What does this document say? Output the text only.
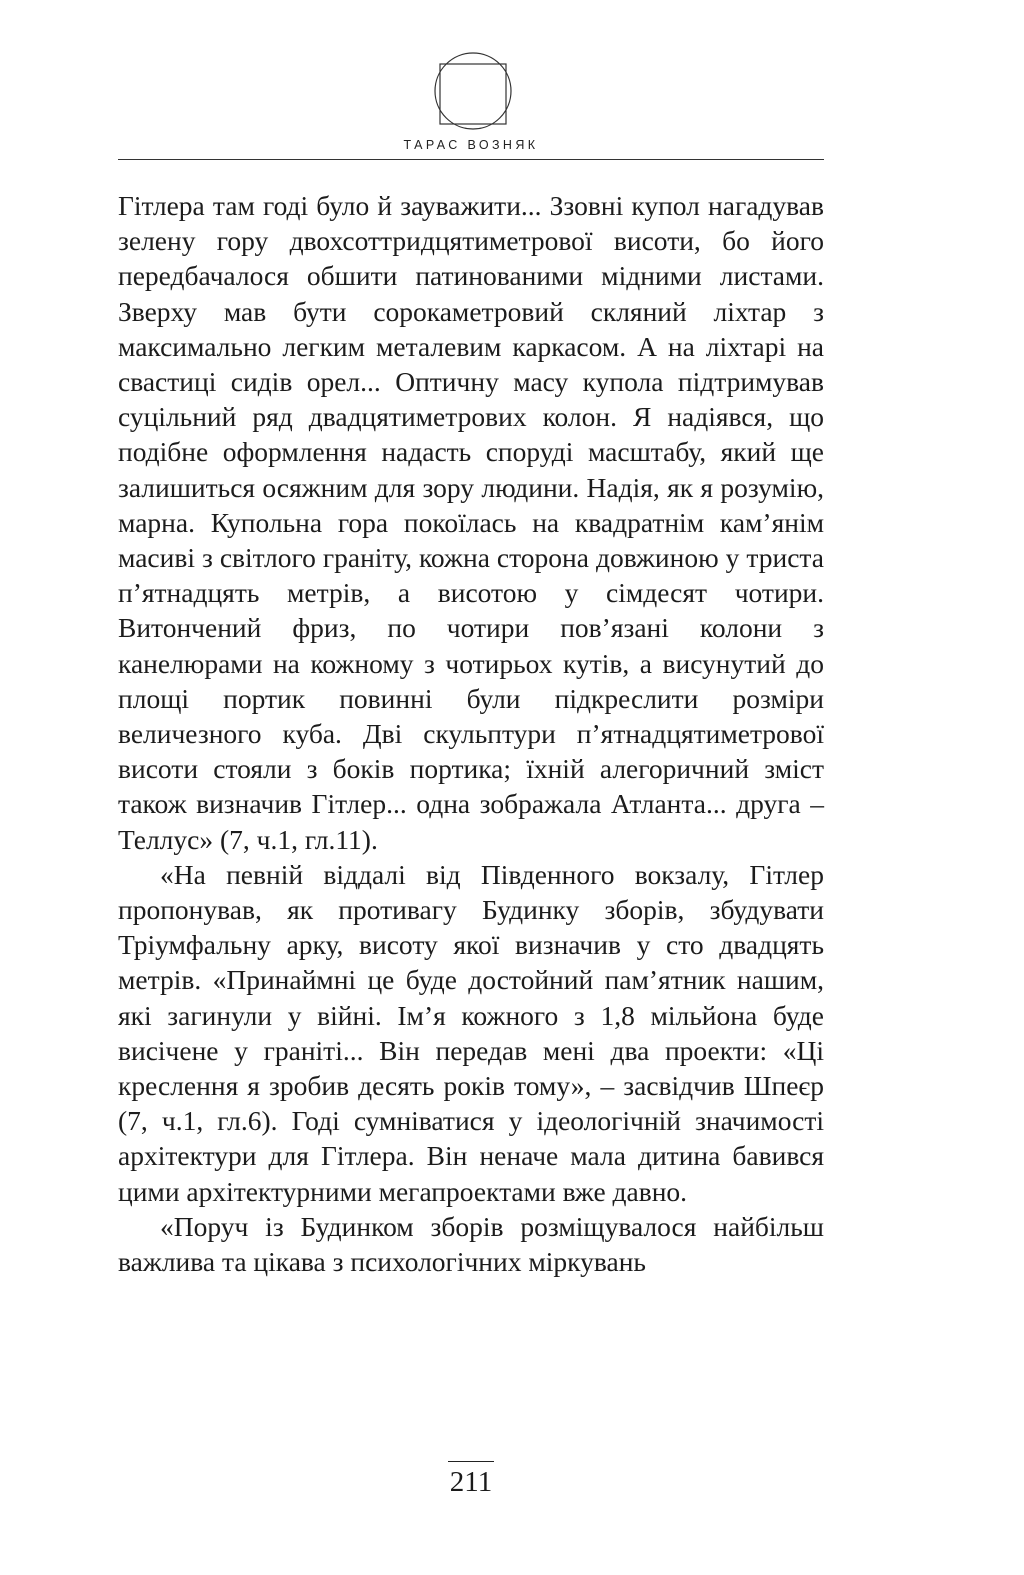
ТАРАС ВОЗНЯК

Гітлера там годі було й зауважити... Ззовні купол нагадував зелену гору двохсоттридцятиметрової висоти, бо його передбачалося обшити патинованими мідними листами. Зверху мав бути сорокаметровий скляний ліхтар з максимально легким металевим каркасом. А на ліхтарі на свастиці сидів орел... Оптичну масу купола підтримував суцільний ряд двадцятиметрових колон. Я надіявся, що подібне оформлення надасть споруді масштабу, який ще залишиться осяжним для зору людини. Надія, як я розумію, марна. Купольна гора покоїлась на квадратнім кам’янім масиві з світлого граніту, кожна сторона довжиною у триста п’ятнадцять метрів, а висотою у сімдесят чотири. Витончений фриз, по чотири пов’язані колони з канелюрами на кожному з чотирьох кутів, а висунутий до площі портик повинні були підкреслити розміри величезного куба. Дві скульптури п’ятнадцятиметрової висоти стояли з боків портика; їхній алегоричний зміст також визначив Гітлер... одна зображала Атланта... друга – Теллус» (7, ч.1, гл.11).

«На певній віддалі від Південного вокзалу, Гітлер пропонував, як противагу Будинку зборів, збудувати Тріумфальну арку, висоту якої визначив у сто двадцять метрів. «Принаймні це буде достойний пам’ятник нашим, які загинули у війні. Ім’я кожного з 1,8 мільйона буде висічене у граніті... Він передав мені два проекти: «Ці креслення я зробив десять років тому», – засвідчив Шпеєр (7, ч.1, гл.6). Годі сумніватися у ідеологічній значимості архітектури для Гітлера. Він неначе мала дитина бавився цими архітектурними мегапроектами вже давно.

«Поруч із Будинком зборів розміщувалося найбільш важлива та цікава з психологічних міркувань

211
